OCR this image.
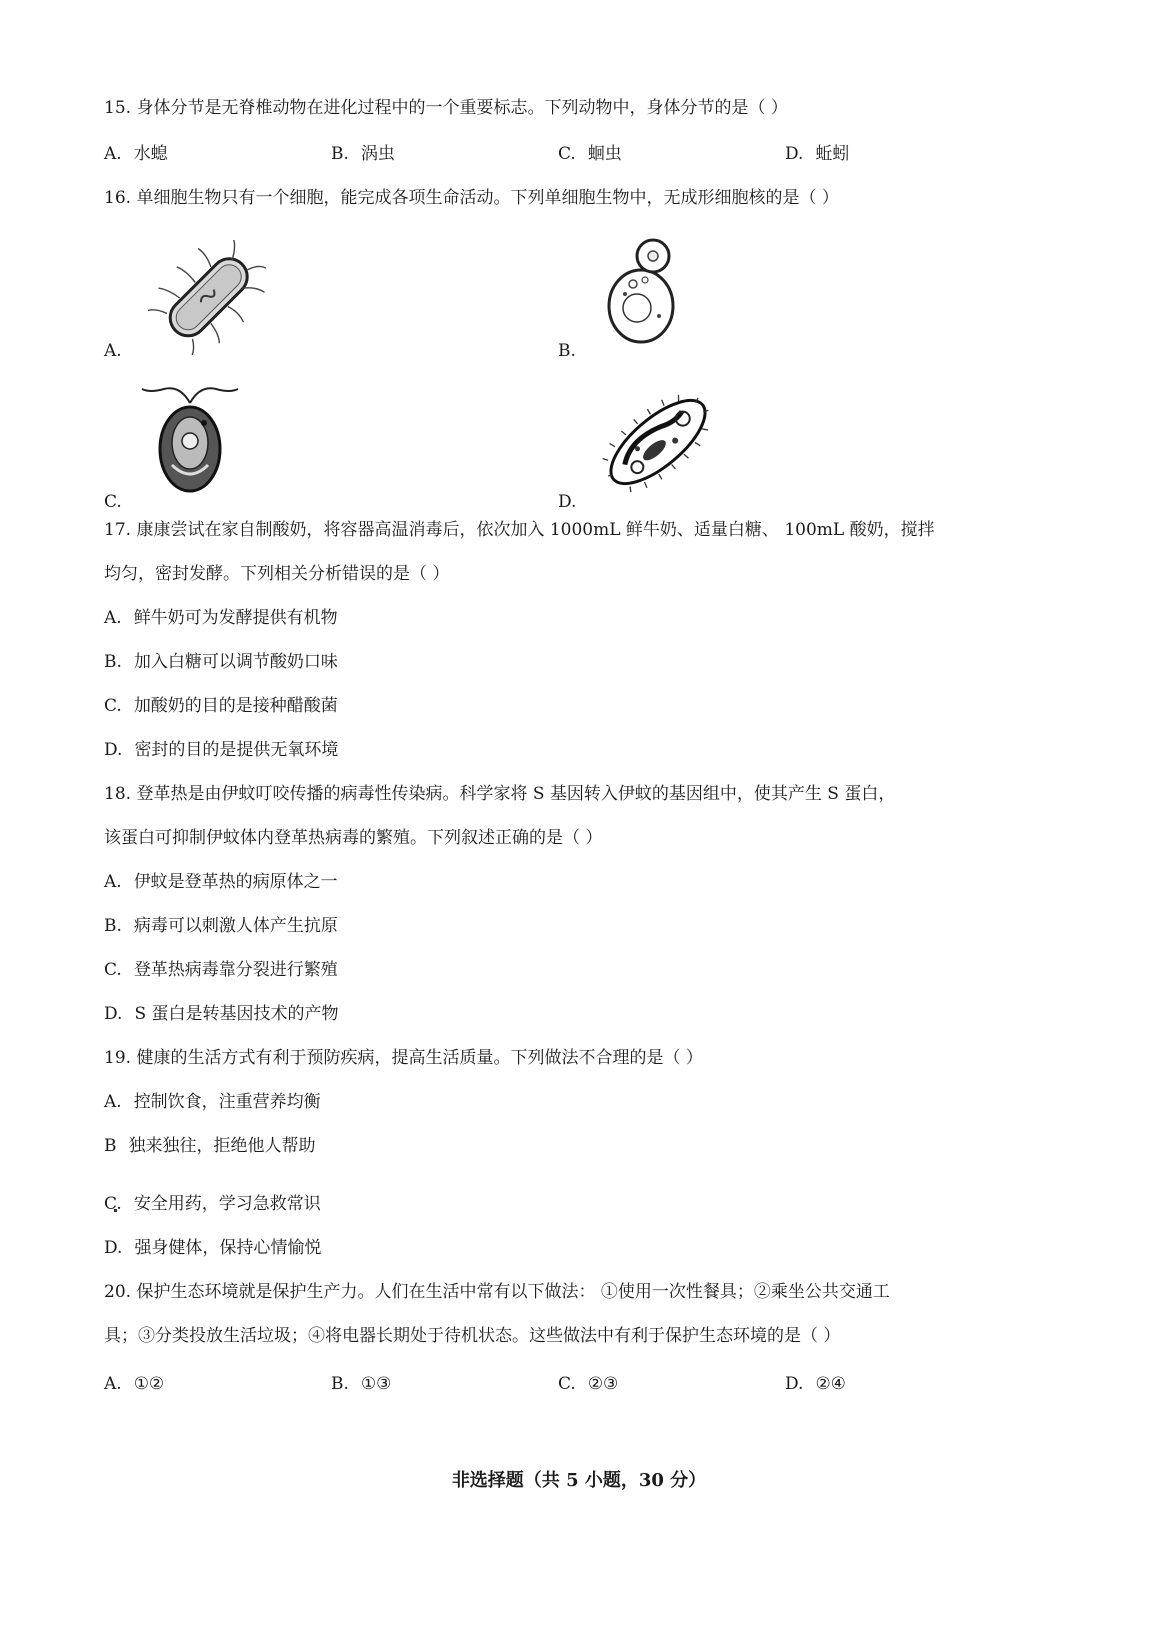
15. 身体分节是无脊椎动物在进化过程中的一个重要标志。下列动物中，身体分节的是（ ）
A. 水螅	B. 涡虫	C. 蛔虫	D. 蚯蚓
16. 单细胞生物只有一个细胞，能完成各项生命活动。下列单细胞生物中，无成形细胞核的是（ ）
A.	B.
C.	D.
17. 康康尝试在家自制酸奶，将容器高温消毒后，依次加入 1000mL 鲜牛奶、适量白糖、 100mL 酸奶，搅拌
均匀，密封发酵。下列相关分析错误的是（ ）
A. 鲜牛奶可为发酵提供有机物
B. 加入白糖可以调节酸奶口味
C. 加酸奶的目的是接种醋酸菌
D. 密封的目的是提供无氧环境
18. 登革热是由伊蚊叮咬传播的病毒性传染病。科学家将 S 基因转入伊蚊的基因组中，使其产生 S 蛋白，
该蛋白可抑制伊蚊体内登革热病毒的繁殖。下列叙述正确的是（ ）
A. 伊蚊是登革热的病原体之一
B. 病毒可以刺激人体产生抗原
C. 登革热病毒靠分裂进行繁殖
D. S 蛋白是转基因技术的产物
19. 健康的生活方式有利于预防疾病，提高生活质量。下列做法不合理的是（ ）
A. 控制饮食，注重营养均衡
B 独来独往，拒绝他人帮助
C. 安全用药，学习急救常识
D. 强身健体，保持心情愉悦
20. 保护生态环境就是保护生产力。人们在生活中常有以下做法： ①使用一次性餐具；②乘坐公共交通工
具；③分类投放生活垃圾；④将电器长期处于待机状态。这些做法中有利于保护生态环境的是（ ）
A. ①②	B. ①③	C. ②③	D. ②④
非选择题（共 5 小题，30 分）
